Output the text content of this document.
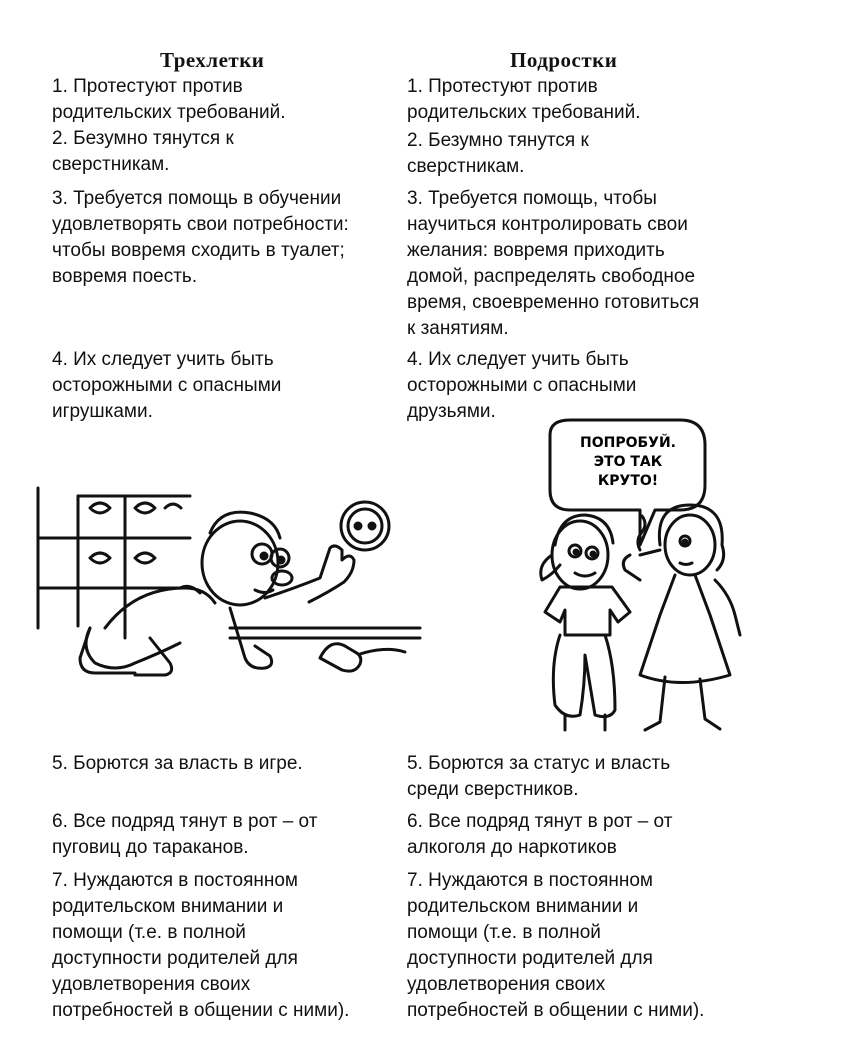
Трехлетки	Подростки
1. Протестуют против
родительских требований.
2. Безумно тянутся к
сверстникам.
3. Требуется помощь в обучении
удовлетворять свои потребности:
чтобы вовремя сходить в туалет;
вовремя поесть.
4. Их следует учить быть
осторожными с опасными
игрушками.
5. Борются за власть в игре.
6. Все подряд тянут в рот – от
пуговиц до тараканов.
7. Нуждаются в постоянном
родительском внимании и
помощи (т.е. в полной
доступности родителей для
удовлетворения своих
потребностей в общении с ними).
1. Протестуют против
родительских требований.
2. Безумно тянутся к
сверстникам.
3. Требуется помощь, чтобы
научиться контролировать свои
желания: вовремя приходить
домой, распределять свободное
время, своевременно готовиться
к занятиям.
4. Их следует учить быть
осторожными с опасными
друзьями.
5. Борются за статус и власть
среди сверстников.
6. Все подряд тянут в рот – от
алкоголя до наркотиков
7. Нуждаются в постоянном
родительском внимании и
помощи (т.е. в полной
доступности родителей для
удовлетворения своих
потребностей в общении с ними).
ПОПРОБУЙ.
ЭТО ТАК
КРУТО!
